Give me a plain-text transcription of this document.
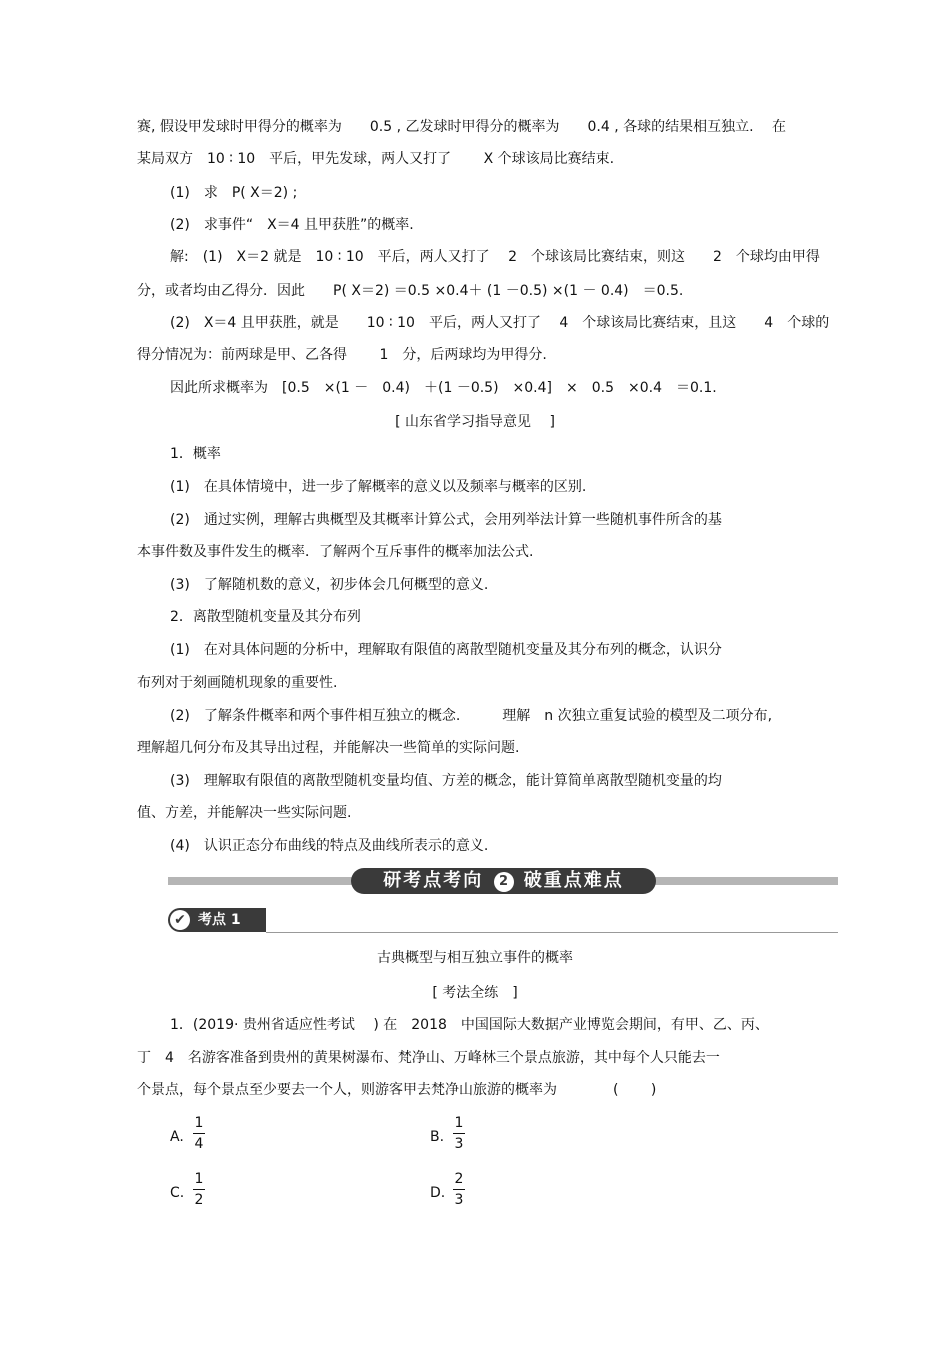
赛, 假设甲发球时甲得分的概率为　　0.5 , 乙发球时甲得分的概率为　　0.4 , 各球的结果相互独立.　 在
某局双方　10 ∶ 10　平后，甲先发球，两人又打了　　 X 个球该局比赛结束.
(1)　求　P( X＝2) ;
(2)　求事件“　X＝4 且甲获胜”的概率.
解:　(1)　X＝2 就是　10 ∶ 10　平后，两人又打了　 2　个球该局比赛结束，则这　　2　个球均由甲得
分，或者均由乙得分．因此　　P( X＝2) ＝0.5 ×0.4＋ (1 －0.5) ×(1 － 0.4)　＝0.5.
(2)　X＝4 且甲获胜，就是　　10 ∶ 10　平后，两人又打了　 4　个球该局比赛结束，且这　　4　个球的
得分情况为：前两球是甲、乙各得　　 1　分，后两球均为甲得分.
因此所求概率为　[0.5　×(1 －　0.4)　＋(1 －0.5)　×0.4]　×　0.5　×0.4　＝0.1.
[ 山东省学习指导意见　 ]
1．概率
(1)　在具体情境中，进一步了解概率的意义以及频率与概率的区别.
(2)　通过实例，理解古典概型及其概率计算公式，会用列举法计算一些随机事件所含的基
本事件数及事件发生的概率．了解两个互斥事件的概率加法公式.
(3)　了解随机数的意义，初步体会几何概型的意义.
2．离散型随机变量及其分布列
(1)　在对具体问题的分析中，理解取有限值的离散型随机变量及其分布列的概念，认识分
布列对于刻画随机现象的重要性.
(2)　了解条件概率和两个事件相互独立的概念.　　　理解　n 次独立重复试验的模型及二项分布,
理解超几何分布及其导出过程，并能解决一些简单的实际问题.
(3)　理解取有限值的离散型随机变量均值、方差的概念，能计算简单离散型随机变量的均
值、方差，并能解决一些实际问题.
(4)　认识正态分布曲线的特点及曲线所表示的意义.
研考点考向 2 破重点难点
✔ 考点 1
古典概型与相互独立事件的概率
[ 考法全练　]
1．(2019· 贵州省适应性考试　 ) 在　2018　中国国际大数据产业博览会期间，有甲、乙、丙、
丁　4　名游客准备到贵州的黄果树瀑布、梵净山、万峰林三个景点旅游，其中每个人只能去一
个景点，每个景点至少要去一个人，则游客甲去梵净山旅游的概率为　　　　(　　 )
A.
1
4	B.
1
3
C.
1
2	D.
2
3
